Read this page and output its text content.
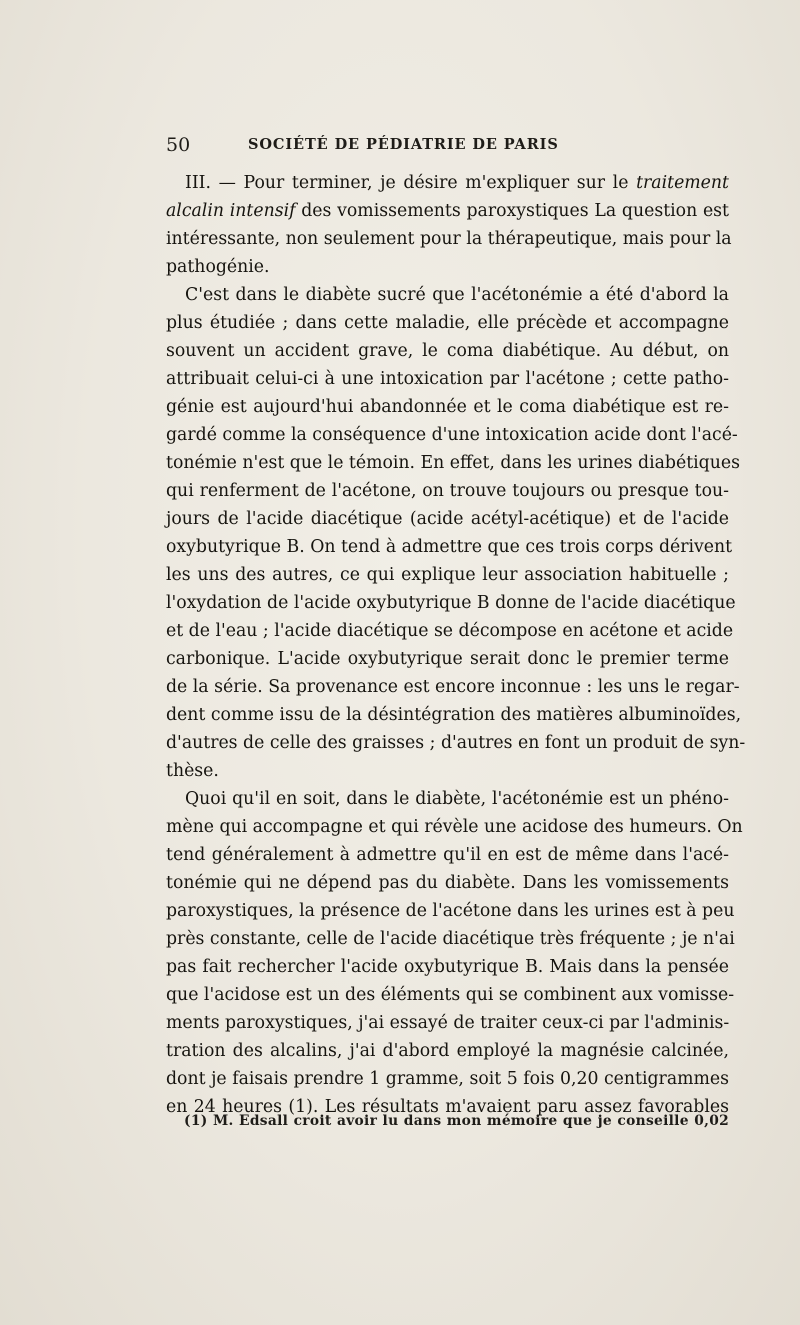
50	SOCIÉTÉ DE PÉDIATRIE DE PARIS
III. — Pour terminer, je désire m'expliquer sur le traitement
alcalin intensif des vomissements paroxystiques La question est
intéressante, non seulement pour la thérapeutique, mais pour la
pathogénie.
C'est dans le diabète sucré que l'acétonémie a été d'abord la
plus étudiée ; dans cette maladie, elle précède et accompagne
souvent un accident grave, le coma diabétique. Au début, on
attribuait celui-ci à une intoxication par l'acétone ; cette patho-
génie est aujourd'hui abandonnée et le coma diabétique est re-
gardé comme la conséquence d'une intoxication acide dont l'acé-
tonémie n'est que le témoin. En effet, dans les urines diabétiques
qui renferment de l'acétone, on trouve toujours ou presque tou-
jours de l'acide diacétique (acide acétyl-acétique) et de l'acide
oxybutyrique B. On tend à admettre que ces trois corps dérivent
les uns des autres, ce qui explique leur association habituelle ;
l'oxydation de l'acide oxybutyrique B donne de l'acide diacétique
et de l'eau ; l'acide diacétique se décompose en acétone et acide
carbonique. L'acide oxybutyrique serait donc le premier terme
de la série. Sa provenance est encore inconnue : les uns le regar-
dent comme issu de la désintégration des matières albuminoïdes,
d'autres de celle des graisses ; d'autres en font un produit de syn-
thèse.
Quoi qu'il en soit, dans le diabète, l'acétonémie est un phéno-
mène qui accompagne et qui révèle une acidose des humeurs. On
tend généralement à admettre qu'il en est de même dans l'acé-
tonémie qui ne dépend pas du diabète. Dans les vomissements
paroxystiques, la présence de l'acétone dans les urines est à peu
près constante, celle de l'acide diacétique très fréquente ; je n'ai
pas fait rechercher l'acide oxybutyrique B. Mais dans la pensée
que l'acidose est un des éléments qui se combinent aux vomisse-
ments paroxystiques, j'ai essayé de traiter ceux-ci par l'adminis-
tration des alcalins, j'ai d'abord employé la magnésie calcinée,
dont je faisais prendre 1 gramme, soit 5 fois 0,20 centigrammes
en 24 heures (1). Les résultats m'avaient paru assez favorables
(1) M. Edsall croit avoir lu dans mon mémoire que je conseille 0,02
